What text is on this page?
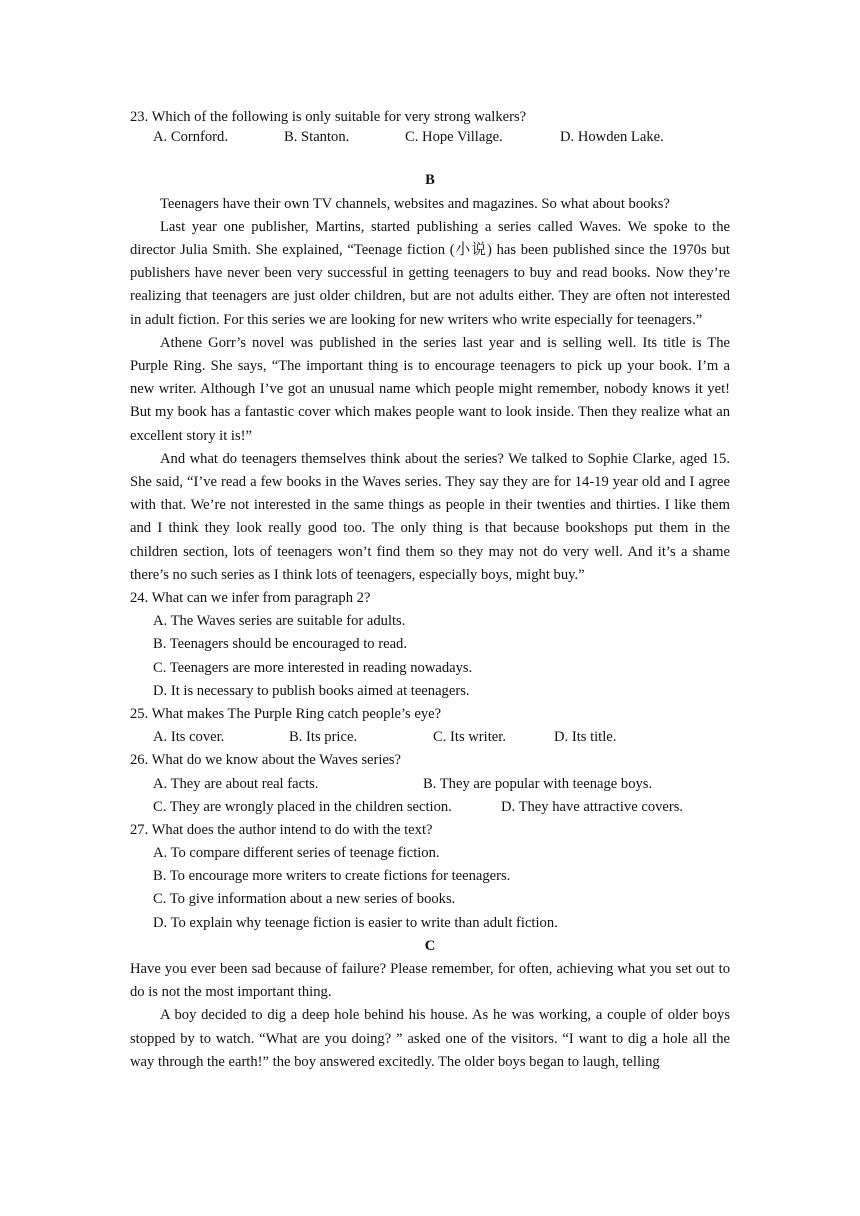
23. Which of the following is only suitable for very strong walkers?
A. Cornford.	B. Stanton.	C. Hope Village.	D. Howden Lake.
B

Teenagers have their own TV channels, websites and magazines. So what about books?

Last year one publisher, Martins, started publishing a series called Waves. We spoke to the director Julia Smith. She explained, “Teenage fiction (小说) has been published since the 1970s but publishers have never been very successful in getting teenagers to buy and read books. Now they’re realizing that teenagers are just older children, but are not adults either. They are often not interested in adult fiction. For this series we are looking for new writers who write especially for teenagers.”

Athene Gorr’s novel was published in the series last year and is selling well. Its title is The Purple Ring. She says, “The important thing is to encourage teenagers to pick up your book. I’m a new writer. Although I’ve got an unusual name which people might remember, nobody knows it yet! But my book has a fantastic cover which makes people want to look inside. Then they realize what an excellent story it is!”

And what do teenagers themselves think about the series? We talked to Sophie Clarke, aged 15. She said, “I’ve read a few books in the Waves series. They say they are for 14-19 year old and I agree with that. We’re not interested in the same things as people in their twenties and thirties. I like them and I think they look really good too. The only thing is that because bookshops put them in the children section, lots of teenagers won’t find them so they may not do very well. And it’s a shame there’s no such series as I think lots of teenagers, especially boys, might buy.”

24. What can we infer from paragraph 2?
A. The Waves series are suitable for adults.
B. Teenagers should be encouraged to read.
C. Teenagers are more interested in reading nowadays.
D. It is necessary to publish books aimed at teenagers.
25. What makes The Purple Ring catch people’s eye?
A. Its cover.	B. Its price.	C. Its writer.	D. Its title.
26. What do we know about the Waves series?
A. They are about real facts.	B. They are popular with teenage boys.
C. They are wrongly placed in the children section.	D. They have attractive covers.
27. What does the author intend to do with the text?
A. To compare different series of teenage fiction.
B. To encourage more writers to create fictions for teenagers.
C. To give information about a new series of books.
D. To explain why teenage fiction is easier to write than adult fiction.
C

Have you ever been sad because of failure? Please remember, for often, achieving what you set out to do is not the most important thing.

A boy decided to dig a deep hole behind his house. As he was working, a couple of older boys stopped by to watch. “What are you doing? ” asked one of the visitors. “I want to dig a hole all the way through the earth!” the boy answered excitedly. The older boys began to laugh, telling
